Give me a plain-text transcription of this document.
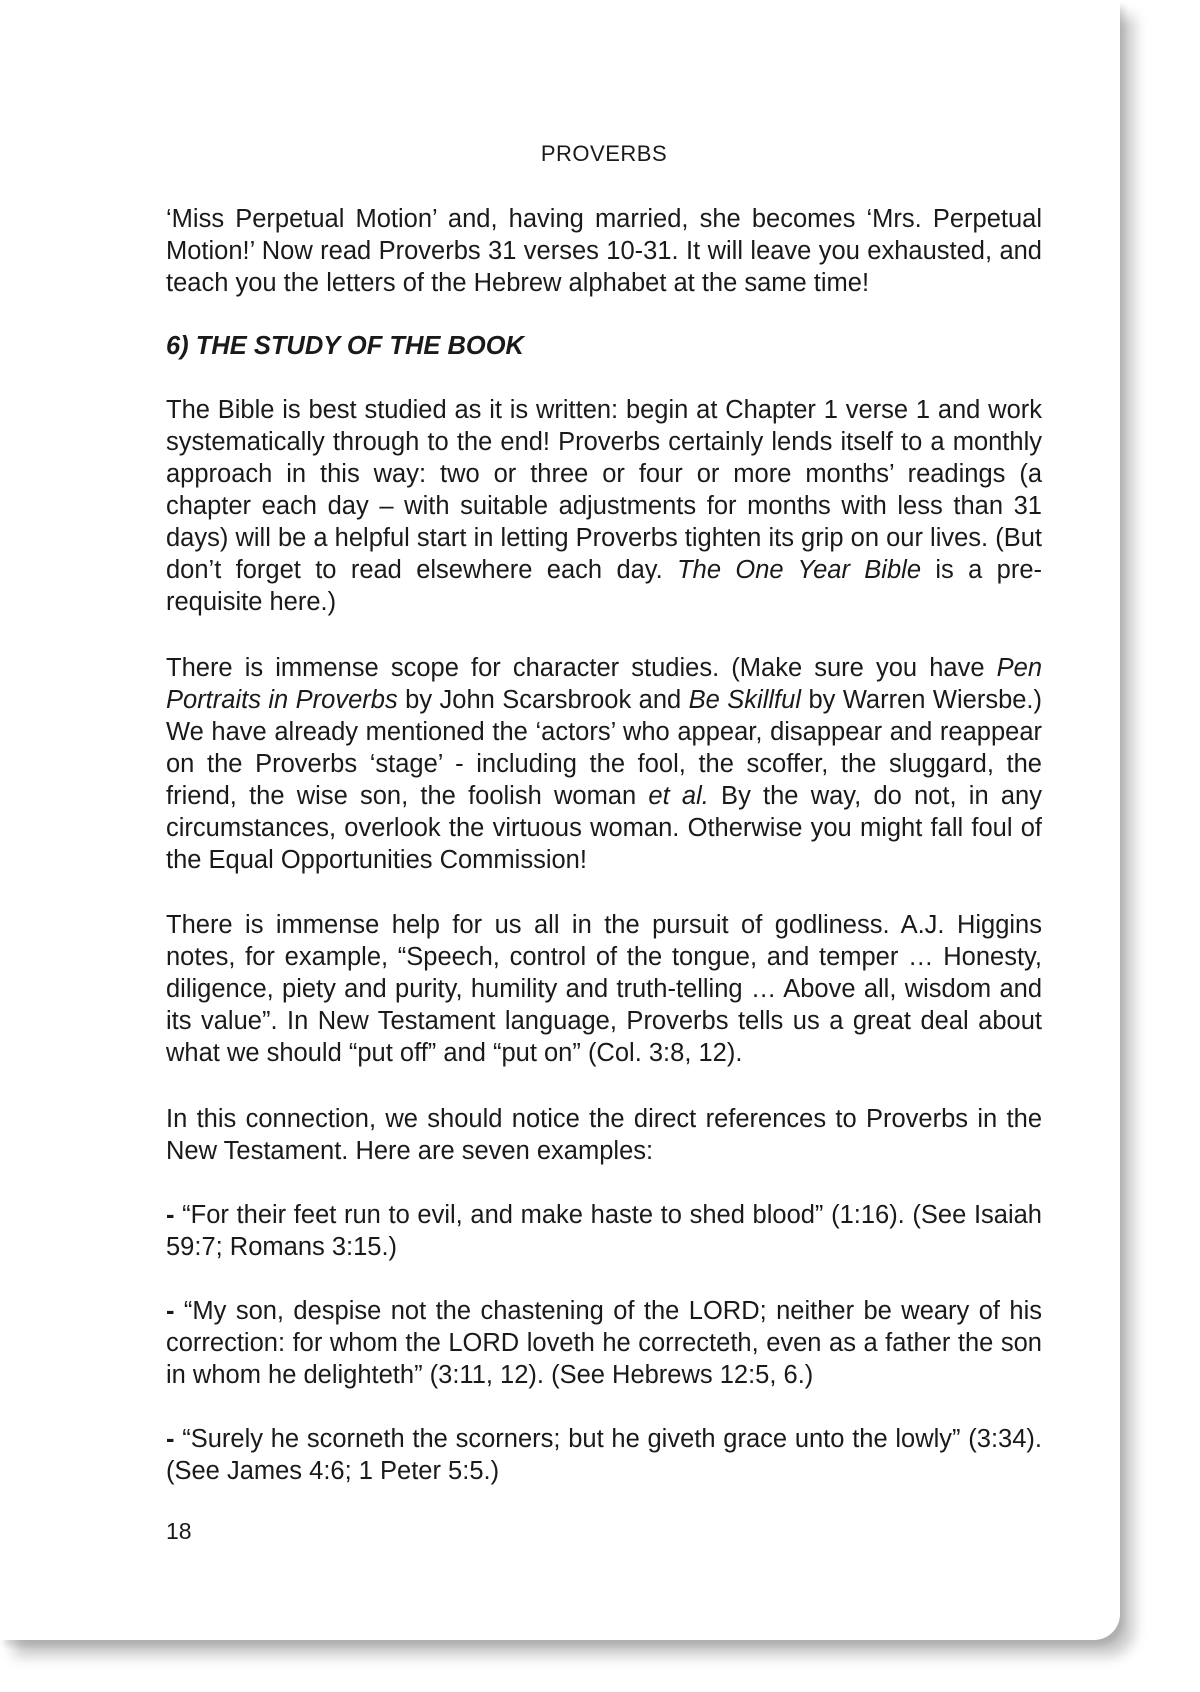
PROVERBS

‘Miss Perpetual Motion’ and, having married, she becomes ‘Mrs. Perpetual Motion!’ Now read Proverbs 31 verses 10-31. It will leave you exhausted, and teach you the letters of the Hebrew alphabet at the same time!

6) THE STUDY OF THE BOOK

The Bible is best studied as it is written: begin at Chapter 1 verse 1 and work systematically through to the end! Proverbs certainly lends itself to a monthly approach in this way: two or three or four or more months’ readings (a chapter each day – with suitable adjustments for months with less than 31 days) will be a helpful start in letting Proverbs tighten its grip on our lives. (But don’t forget to read elsewhere each day. The One Year Bible is a pre-requisite here.)

There is immense scope for character studies. (Make sure you have Pen Portraits in Proverbs by John Scarsbrook and Be Skillful by Warren Wiersbe.) We have already mentioned the ‘actors’ who appear, disappear and reappear on the Proverbs ‘stage’ - including the fool, the scoffer, the sluggard, the friend, the wise son, the foolish woman et al. By the way, do not, in any circumstances, overlook the virtuous woman. Otherwise you might fall foul of the Equal Opportunities Commission!

There is immense help for us all in the pursuit of godliness. A.J. Higgins notes, for example, “Speech, control of the tongue, and temper … Honesty, diligence, piety and purity, humility and truth-telling … Above all, wisdom and its value”. In New Testament language, Proverbs tells us a great deal about what we should “put off” and “put on” (Col. 3:8, 12).

In this connection, we should notice the direct references to Proverbs in the New Testament. Here are seven examples:

- “For their feet run to evil, and make haste to shed blood” (1:16). (See Isaiah 59:7; Romans 3:15.)

- “My son, despise not the chastening of the LORD; neither be weary of his correction: for whom the LORD loveth he correcteth, even as a father the son in whom he delighteth” (3:11, 12). (See Hebrews 12:5, 6.)

- “Surely he scorneth the scorners; but he giveth grace unto the lowly” (3:34). (See James 4:6; 1 Peter 5:5.)

18
